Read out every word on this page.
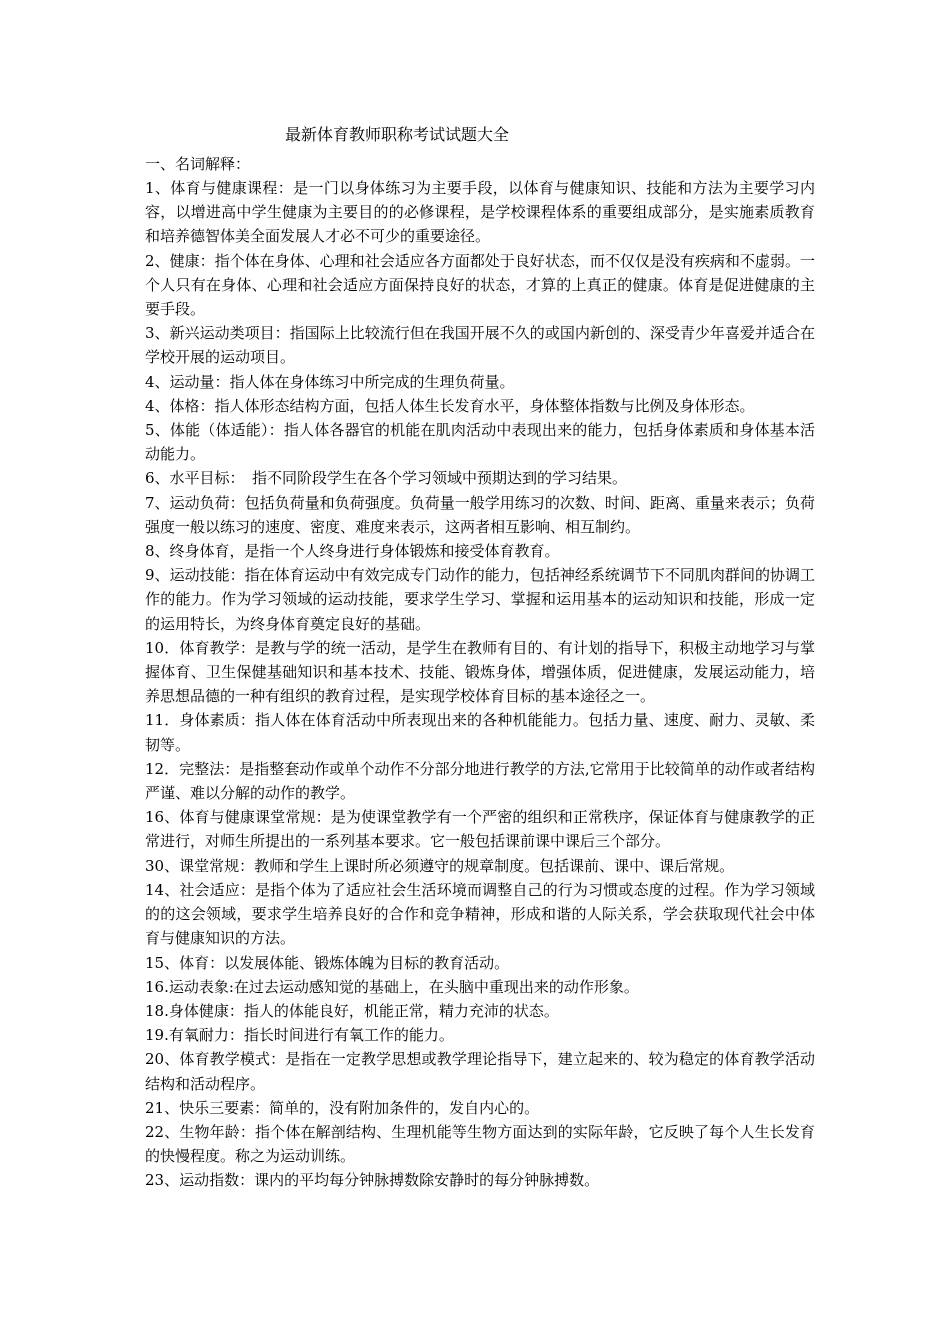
最新体育教师职称考试试题大全

一、名词解释：

1、体育与健康课程：是一门以身体练习为主要手段，以体育与健康知识、技能和方法为主要学习内容，以增进高中学生健康为主要目的的必修课程，是学校课程体系的重要组成部分，是实施素质教育和培养德智体美全面发展人才必不可少的重要途径。
2、健康：指个体在身体、心理和社会适应各方面都处于良好状态，而不仅仅是没有疾病和不虚弱。一个人只有在身体、心理和社会适应方面保持良好的状态，才算的上真正的健康。体育是促进健康的主要手段。
3、新兴运动类项目：指国际上比较流行但在我国开展不久的或国内新创的、深受青少年喜爱并适合在学校开展的运动项目。
4、运动量：指人体在身体练习中所完成的生理负荷量。
4、体格：指人体形态结构方面，包括人体生长发育水平，身体整体指数与比例及身体形态。
5、体能（体适能）：指人体各器官的机能在肌肉活动中表现出来的能力，包括身体素质和身体基本活动能力。
6、水平目标：　指不同阶段学生在各个学习领域中预期达到的学习结果。
7、运动负荷：包括负荷量和负荷强度。负荷量一般学用练习的次数、时间、距离、重量来表示；负荷强度一般以练习的速度、密度、难度来表示，这两者相互影响、相互制约。
8、终身体育，是指一个人终身进行身体锻炼和接受体育教育。
9、运动技能：指在体育运动中有效完成专门动作的能力，包括神经系统调节下不同肌肉群间的协调工作的能力。作为学习领域的运动技能，要求学生学习、掌握和运用基本的运动知识和技能，形成一定的运用特长，为终身体育奠定良好的基础。
10．体育教学：是教与学的统一活动，是学生在教师有目的、有计划的指导下，积极主动地学习与掌握体育、卫生保健基础知识和基本技术、技能、锻炼身体，增强体质，促进健康，发展运动能力，培养思想品德的一种有组织的教育过程，是实现学校体育目标的基本途径之一。
11．身体素质：指人体在体育活动中所表现出来的各种机能能力。包括力量、速度、耐力、灵敏、柔韧等。
12．完整法：是指整套动作或单个动作不分部分地进行教学的方法,它常用于比较简单的动作或者结构严谨、难以分解的动作的教学。
16、体育与健康课堂常规：是为使课堂教学有一个严密的组织和正常秩序，保证体育与健康教学的正常进行，对师生所提出的一系列基本要求。它一般包括课前课中课后三个部分。
30、课堂常规：教师和学生上课时所必须遵守的规章制度。包括课前、课中、课后常规。
14、社会适应：是指个体为了适应社会生活环境而调整自己的行为习惯或态度的过程。作为学习领域的的这会领域，要求学生培养良好的合作和竞争精神，形成和谐的人际关系，学会获取现代社会中体育与健康知识的方法。
15、体育：以发展体能、锻炼体魄为目标的教育活动。
16.运动表象:在过去运动感知觉的基础上，在头脑中重现出来的动作形象。
18.身体健康：指人的体能良好，机能正常，精力充沛的状态。
19.有氧耐力：指长时间进行有氧工作的能力。
20、体育教学模式：是指在一定教学思想或教学理论指导下，建立起来的、较为稳定的体育教学活动结构和活动程序。
21、快乐三要素：简单的，没有附加条件的，发自内心的。
22、生物年龄：指个体在解剖结构、生理机能等生物方面达到的实际年龄，它反映了每个人生长发育的快慢程度。称之为运动训练。
23、运动指数：课内的平均每分钟脉搏数除安静时的每分钟脉搏数。
